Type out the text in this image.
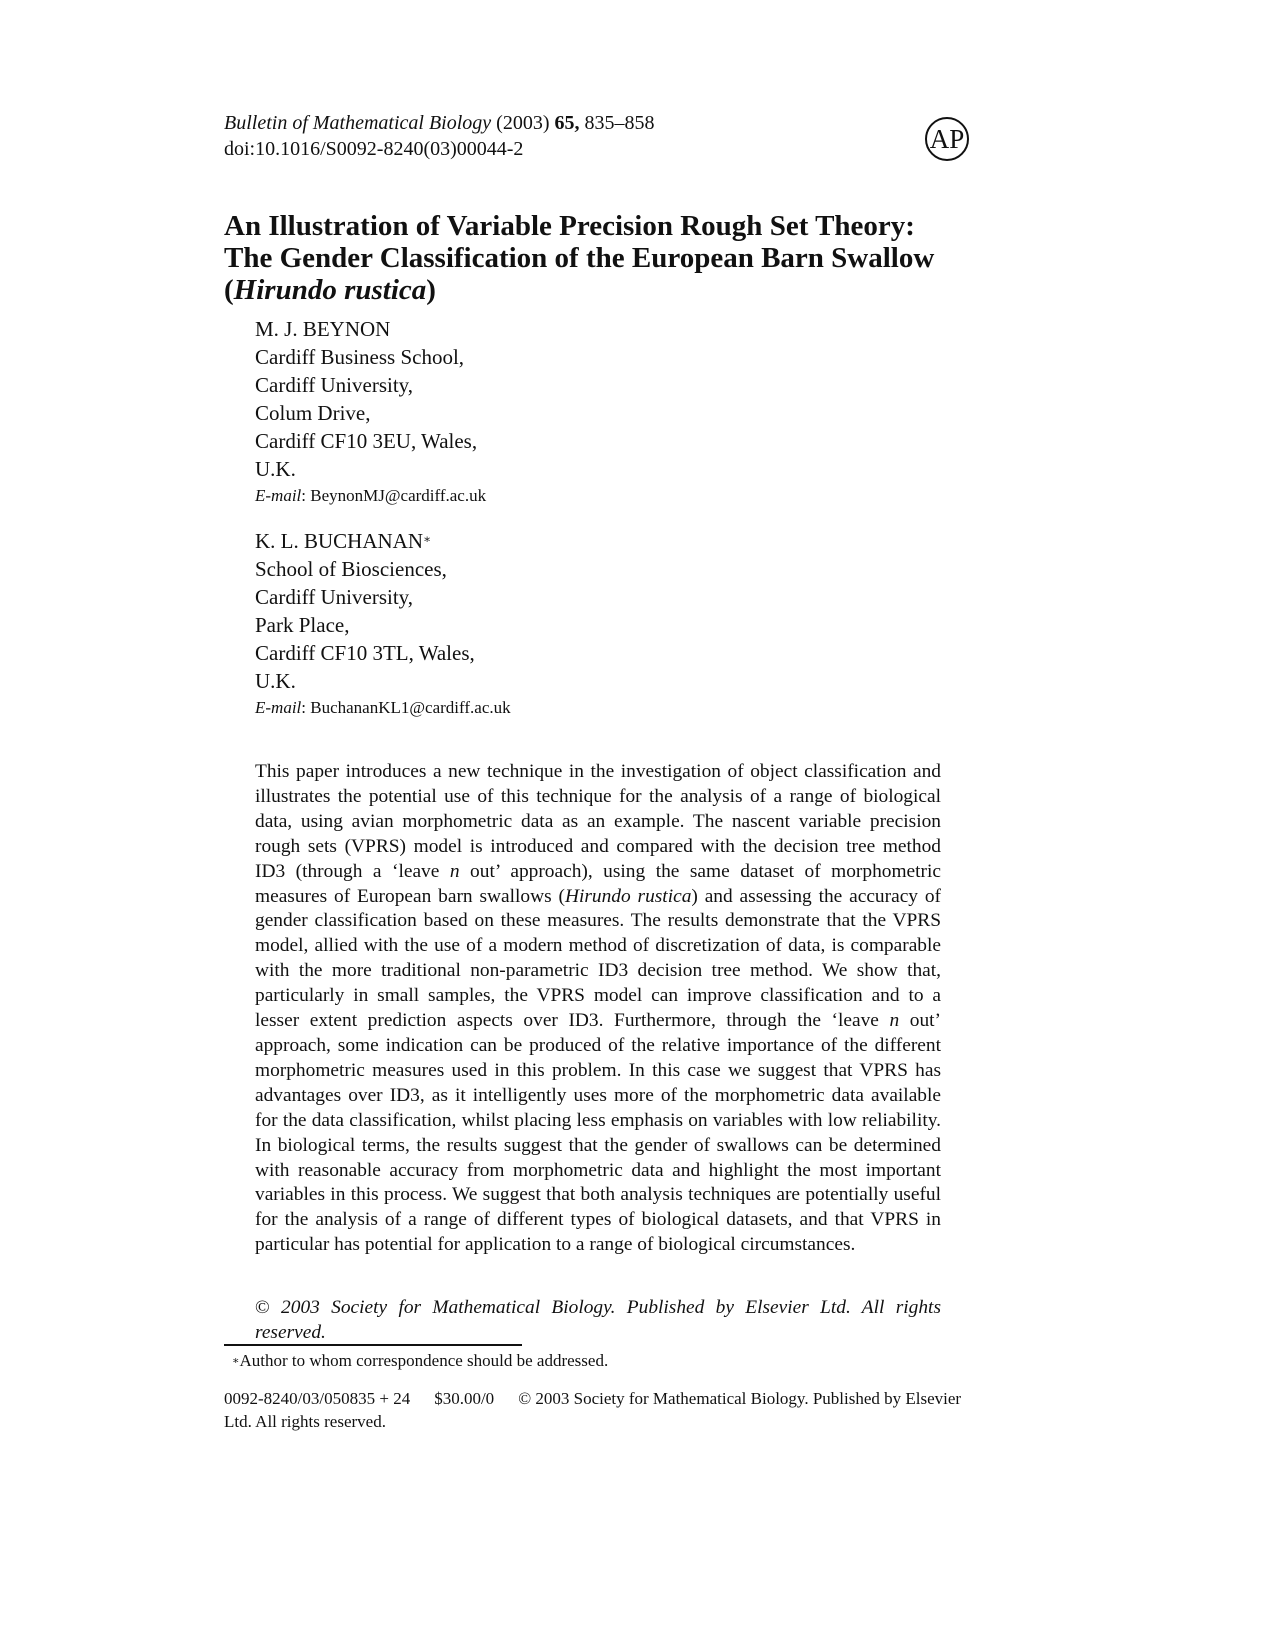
Bulletin of Mathematical Biology (2003) 65, 835–858
doi:10.1016/S0092-8240(03)00044-2	AP
An Illustration of Variable Precision Rough Set Theory:
The Gender Classification of the European Barn Swallow
(Hirundo rustica)
M. J. BEYNON
Cardiff Business School,
Cardiff University,
Colum Drive,
Cardiff CF10 3EU, Wales,
U.K.
E-mail: BeynonMJ@cardiff.ac.uk
K. L. BUCHANAN∗
School of Biosciences,
Cardiff University,
Park Place,
Cardiff CF10 3TL, Wales,
U.K.
E-mail: BuchananKL1@cardiff.ac.uk

This paper introduces a new technique in the investigation of object classification and illustrates the potential use of this technique for the analysis of a range of biological data, using avian morphometric data as an example. The nascent variable precision rough sets (VPRS) model is introduced and compared with the decision tree method ID3 (through a ‘leave n out’ approach), using the same dataset of morphometric measures of European barn swallows (Hirundo rustica) and assessing the accuracy of gender classification based on these measures. The results demonstrate that the VPRS model, allied with the use of a modern method of discretization of data, is comparable with the more traditional non-parametric ID3 decision tree method. We show that, particularly in small samples, the VPRS model can improve classification and to a lesser extent prediction aspects over ID3. Furthermore, through the ‘leave n out’ approach, some indication can be produced of the relative importance of the different morphometric measures used in this problem. In this case we suggest that VPRS has advantages over ID3, as it intelligently uses more of the morphometric data available for the data classification, whilst placing less emphasis on variables with low reliability. In biological terms, the results suggest that the gender of swallows can be determined with reasonable accuracy from morphometric data and highlight the most important variables in this process. We suggest that both analysis techniques are potentially useful for the analysis of a range of different types of biological datasets, and that VPRS in particular has potential for application to a range of biological circumstances.

© 2003 Society for Mathematical Biology. Published by Elsevier Ltd. All rights reserved.
∗Author to whom correspondence should be addressed.
0092-8240/03/050835 + 24 $30.00/0 © 2003 Society for Mathematical Biology. Published by Elsevier Ltd. All rights reserved.
